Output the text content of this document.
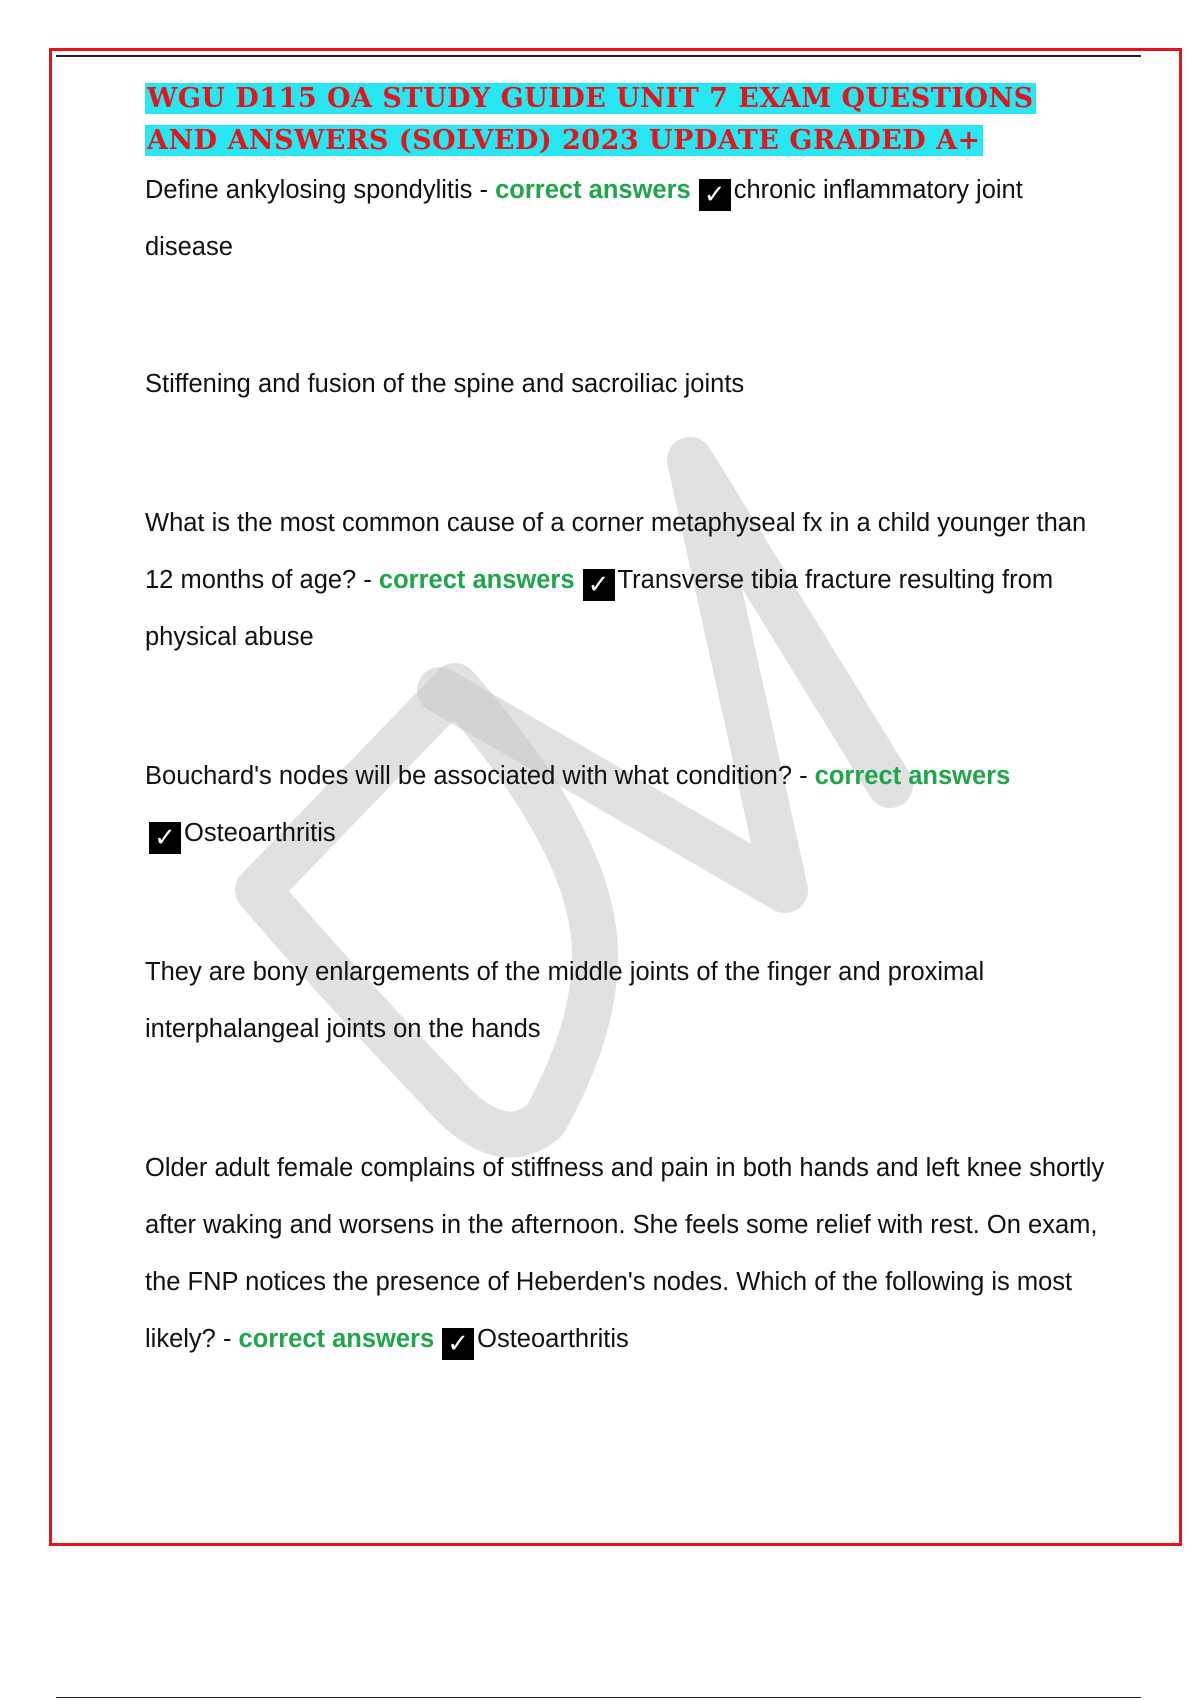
WGU D115 OA STUDY GUIDE UNIT 7 EXAM QUESTIONS AND ANSWERS (SOLVED) 2023 UPDATE GRADED A+

Define ankylosing spondylitis - correct answers ✓ chronic inflammatory joint disease

Stiffening and fusion of the spine and sacroiliac joints

What is the most common cause of a corner metaphyseal fx in a child younger than 12 months of age? - correct answers ✓ Transverse tibia fracture resulting from physical abuse

Bouchard's nodes will be associated with what condition? - correct answers
✓ Osteoarthritis

They are bony enlargements of the middle joints of the finger and proximal interphalangeal joints on the hands

Older adult female complains of stiffness and pain in both hands and left knee shortly after waking and worsens in the afternoon. She feels some relief with rest. On exam, the FNP notices the presence of Heberden's nodes. Which of the following is most likely? - correct answers ✓ Osteoarthritis
